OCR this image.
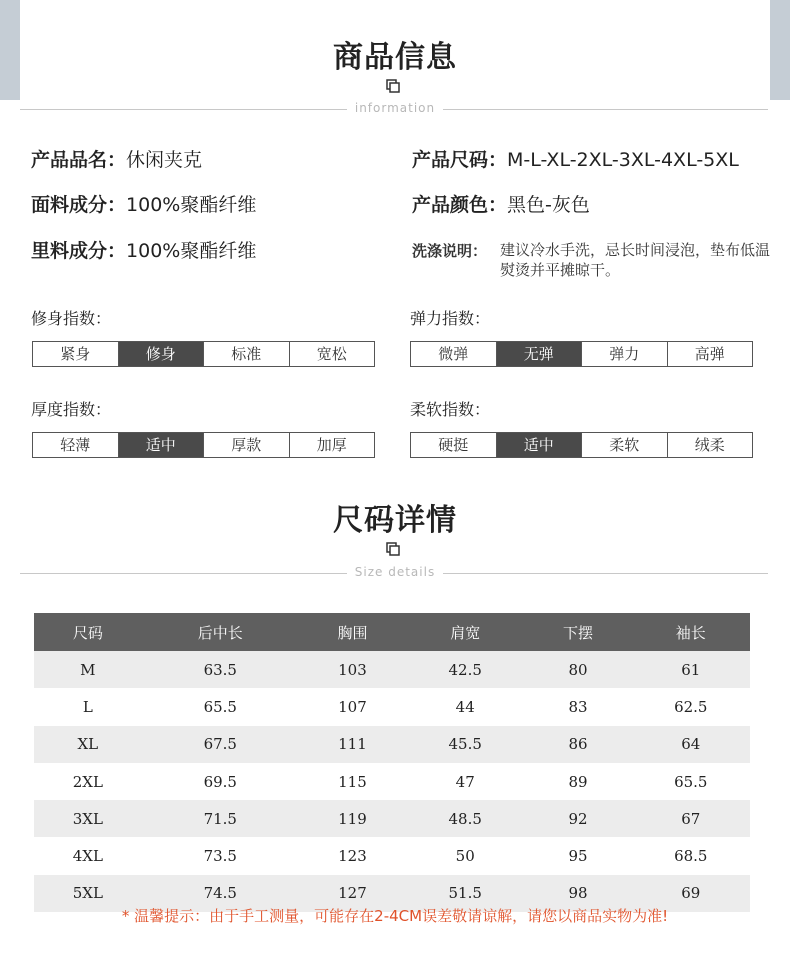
商品信息
information
产品品名：休闲夹克	产品尺码：M-L-XL-2XL-3XL-4XL-5XL
面料成分：100%聚酯纤维	产品颜色：黑色-灰色
里料成分：100%聚酯纤维	洗涤说明： 建议冷水手洗，忌长时间浸泡，垫布低温熨烫并平摊晾干。
修身指数：
紧身	修身	标准	宽松
弹力指数：
微弹	无弹	弹力	高弹
厚度指数：
轻薄	适中	厚款	加厚
柔软指数：
硬挺	适中	柔软	绒柔
尺码详情
Size details
尺码	后中长	胸围	肩宽	下摆	袖长
M	63.5	103	42.5	80	61
L	65.5	107	44	83	62.5
XL	67.5	111	45.5	86	64
2XL	69.5	115	47	89	65.5
3XL	71.5	119	48.5	92	67
4XL	73.5	123	50	95	68.5
5XL	74.5	127	51.5	98	69
* 温馨提示：由于手工测量，可能存在2-4CM误差敬请谅解，请您以商品实物为准!
